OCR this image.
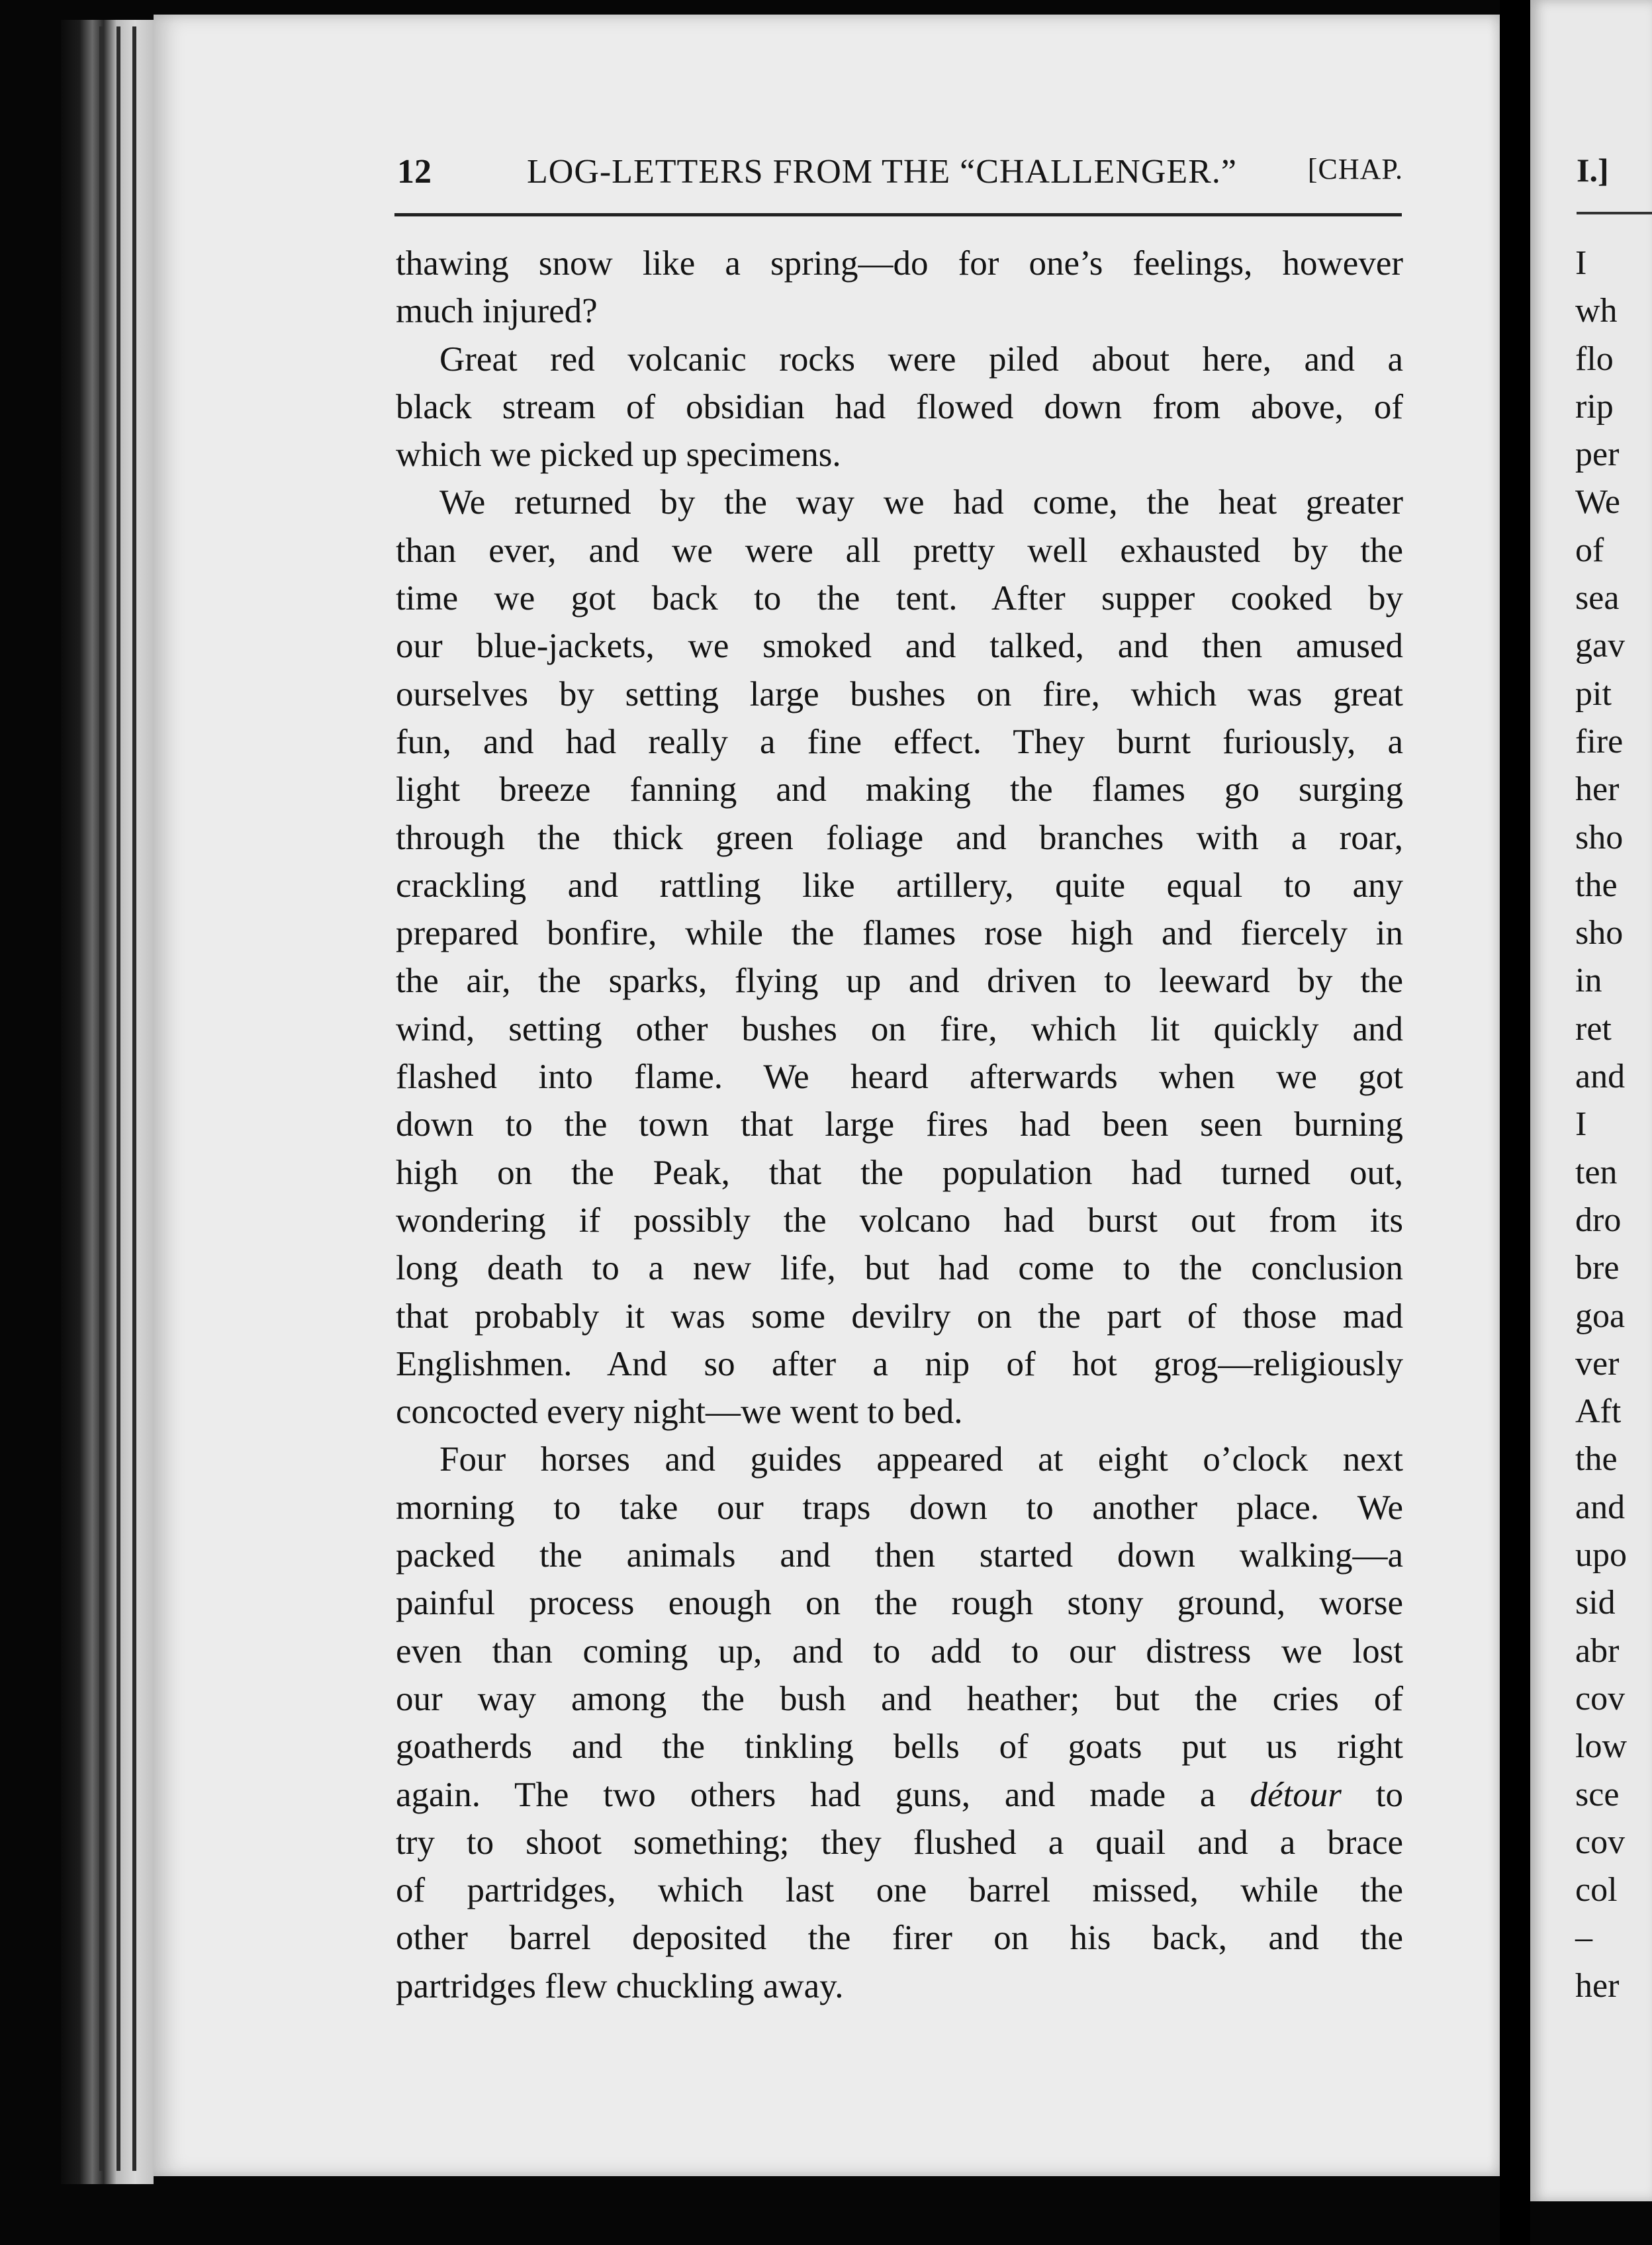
I.]
I
wh
flo
rip
per
We
of
sea
gav
pit
fire
her
sho
the
sho
in
ret
and
I
ten
dro
bre
goa
ver
Aft
the
and
upo
sid
abr
cov
low
sce
cov
col
–
her
12	LOG-LETTERS FROM THE “CHALLENGER.” [CHAP.
thawing snow like a spring—do for one’s feelings, however
much injured?
Great red volcanic rocks were piled about here, and a
black stream of obsidian had flowed down from above, of
which we picked up specimens.
We returned by the way we had come, the heat greater
than ever, and we were all pretty well exhausted by the
time we got back to the tent. After supper cooked by
our blue-jackets, we smoked and talked, and then amused
ourselves by setting large bushes on fire, which was great
fun, and had really a fine effect. They burnt furiously, a
light breeze fanning and making the flames go surging
through the thick green foliage and branches with a roar,
crackling and rattling like artillery, quite equal to any
prepared bonfire, while the flames rose high and fiercely in
the air, the sparks, flying up and driven to leeward by the
wind, setting other bushes on fire, which lit quickly and
flashed into flame. We heard afterwards when we got
down to the town that large fires had been seen burning
high on the Peak, that the population had turned out,
wondering if possibly the volcano had burst out from its
long death to a new life, but had come to the conclusion
that probably it was some devilry on the part of those mad
Englishmen. And so after a nip of hot grog—religiously
concocted every night—we went to bed.
Four horses and guides appeared at eight o’clock next
morning to take our traps down to another place. We
packed the animals and then started down walking—a
painful process enough on the rough stony ground, worse
even than coming up, and to add to our distress we lost
our way among the bush and heather; but the cries of
goatherds and the tinkling bells of goats put us right
again. The two others had guns, and made a détour to
try to shoot something; they flushed a quail and a brace
of partridges, which last one barrel missed, while the
other barrel deposited the firer on his back, and the
partridges flew chuckling away.
